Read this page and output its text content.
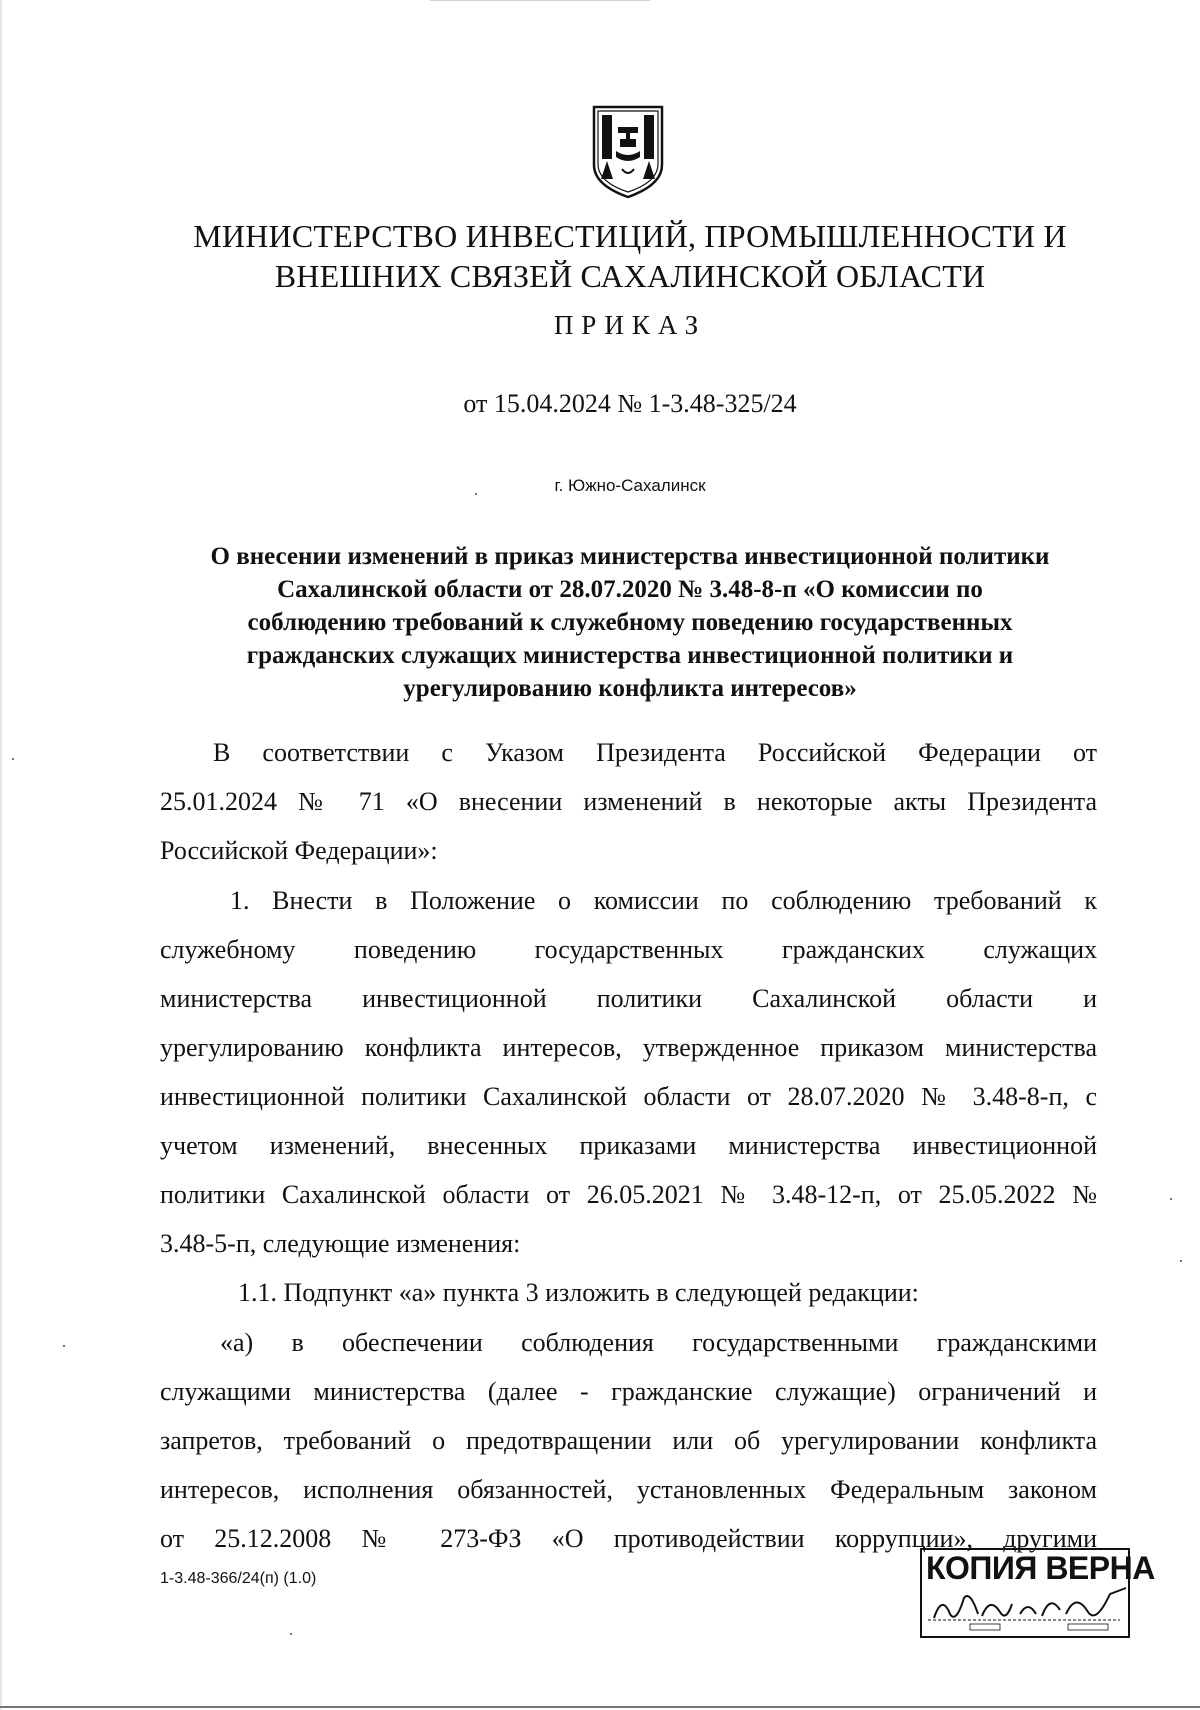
МИНИСТЕРСТВО ИНВЕСТИЦИЙ, ПРОМЫШЛЕННОСТИ И
ВНЕШНИХ СВЯЗЕЙ САХАЛИНСКОЙ ОБЛАСТИ
ПРИКАЗ
от 15.04.2024 № 1-3.48-325/24
г. Южно-Сахалинск
О внесении изменений в приказ министерства инвестиционной политики
Сахалинской области от 28.07.2020 № 3.48-8-п «О комиссии по
соблюдению требований к служебному поведению государственных
гражданских служащих министерства инвестиционной политики и
урегулированию конфликта интересов»
В соответствии с Указом Президента Российской Федерации от
25.01.2024 № 71 «О внесении изменений в некоторые акты Президента
Российской Федерации»:
1. Внести в Положение о комиссии по соблюдению требований к
служебному поведению государственных гражданских служащих
министерства инвестиционной политики Сахалинской области и
урегулированию конфликта интересов, утвержденное приказом министерства
инвестиционной политики Сахалинской области от 28.07.2020 № 3.48-8-п, с
учетом изменений, внесенных приказами министерства инвестиционной
политики Сахалинской области от 26.05.2021 № 3.48-12-п, от 25.05.2022 №
3.48-5-п, следующие изменения:
1.1. Подпункт «а» пункта 3 изложить в следующей редакции:
«а) в обеспечении соблюдения государственными гражданскими
служащими министерства (далее - гражданские служащие) ограничений и
запретов, требований о предотвращении или об урегулировании конфликта
интересов, исполнения обязанностей, установленных Федеральным законом
от 25.12.2008 № 273-ФЗ «О противодействии коррупции», другими
1-3.48-366/24(п) (1.0)	КОПИЯ ВЕРНА
